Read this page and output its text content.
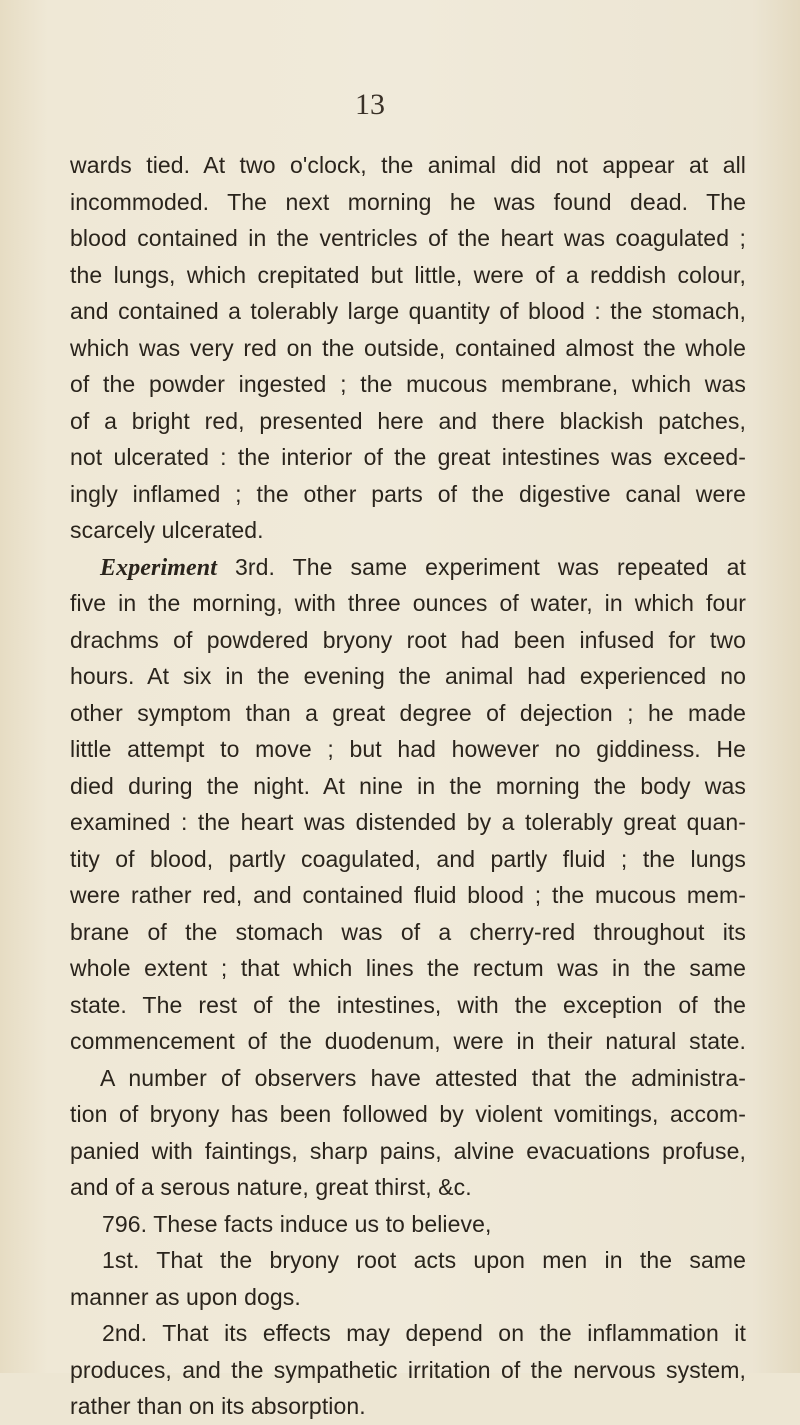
13
wards tied. At two o'clock, the animal did not appear at all
incommoded. The next morning he was found dead. The
blood contained in the ventricles of the heart was coagulated ;
the lungs, which crepitated but little, were of a reddish colour,
and contained a tolerably large quantity of blood : the stomach,
which was very red on the outside, contained almost the whole
of the powder ingested ; the mucous membrane, which was
of a bright red, presented here and there blackish patches,
not ulcerated : the interior of the great intestines was exceed-
ingly inflamed ; the other parts of the digestive canal were
scarcely ulcerated.
Experiment 3rd. The same experiment was repeated at
five in the morning, with three ounces of water, in which four
drachms of powdered bryony root had been infused for two
hours. At six in the evening the animal had experienced no
other symptom than a great degree of dejection ; he made
little attempt to move ; but had however no giddiness. He
died during the night. At nine in the morning the body was
examined : the heart was distended by a tolerably great quan-
tity of blood, partly coagulated, and partly fluid ; the lungs
were rather red, and contained fluid blood ; the mucous mem-
brane of the stomach was of a cherry-red throughout its
whole extent ; that which lines the rectum was in the same
state. The rest of the intestines, with the exception of the
commencement of the duodenum, were in their natural state.
A number of observers have attested that the administra-
tion of bryony has been followed by violent vomitings, accom-
panied with faintings, sharp pains, alvine evacuations profuse,
and of a serous nature, great thirst, &c.
796. These facts induce us to believe,
1st. That the bryony root acts upon men in the same
manner as upon dogs.
2nd. That its effects may depend on the inflammation it
produces, and the sympathetic irritation of the nervous system,
rather than on its absorption.
